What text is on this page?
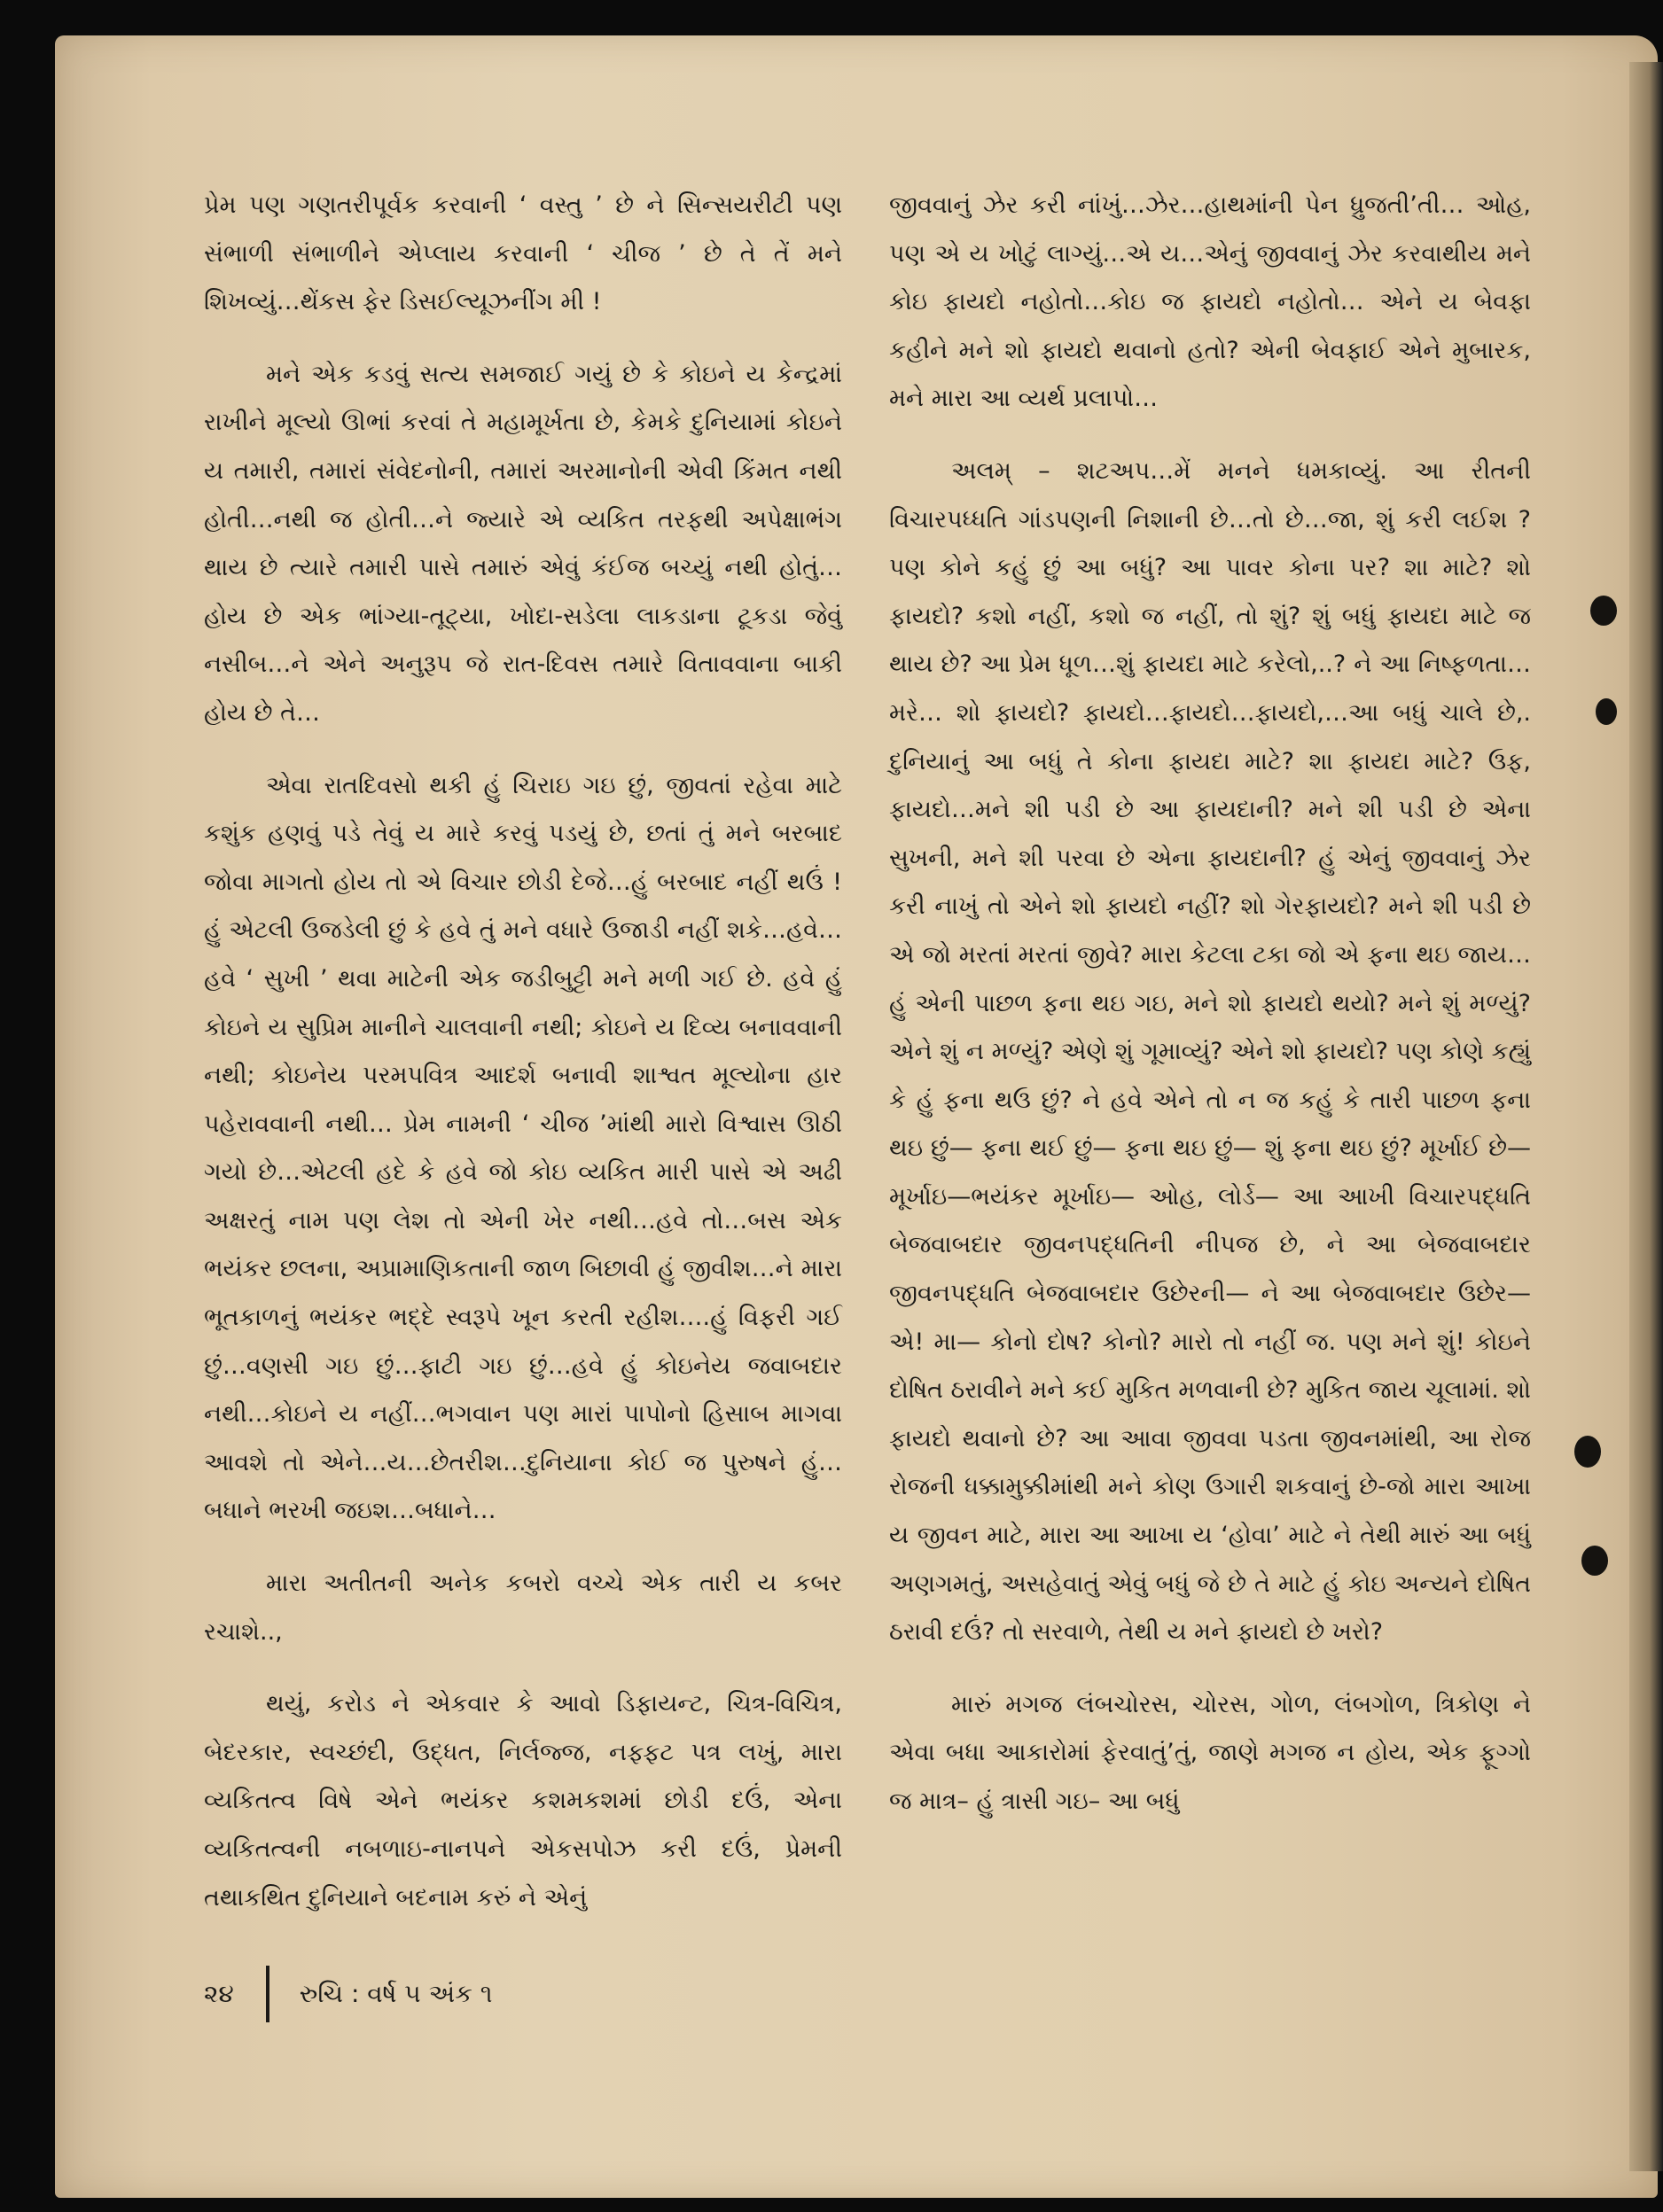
પ્રેમ પણ ગણતરીપૂર્વક કરવાની ‘ વસ્તુ ’ છે ને સિન્સયરીટી પણ સંભાળી સંભાળીને એપ્લાય કરવાની ‘ ચીજ ’ છે તે તેં મને શિખવ્યું…થેંકસ ફેર ડિસઈલ્યૂઝનીંગ મી !

મને એક કડવું સત્ય સમજાઈ ગયું છે કે કોઇને ય કેન્દ્રમાં રાખીને મૂલ્યો ઊભાં કરવાં તે મહામૂર્ખતા છે, કેમકે દુનિયામાં કોઇને ય તમારી, તમારાં સંવેદનોની, તમારાં અરમાનોની એવી કિંમત નથી હોતી…નથી જ હોતી…ને જ્યારે એ વ્યકિત તરફથી અપેક્ષાભંગ થાય છે ત્યારે તમારી પાસે તમારું એવું કંઈજ બચ્યું નથી હોતું…હોય છે એક ભાંગ્યા-તૂટ્યા, ખોદા-સડેલા લાકડાના ટૂકડા જેવું નસીબ…ને એને અનુરૂપ જે રાત-દિવસ તમારે વિતાવવાના બાકી હોય છે તે…

એવા રાતદિવસો થકી હું ચિરાઇ ગઇ છું, જીવતાં રહેવા માટે કશુંક હણવું પડે તેવું ય મારે કરવું પડયું છે, છતાં તું મને બરબાદ જોવા માગતો હોય તો એ વિચાર છોડી દેજે…હું બરબાદ નહીં થઉં ! હું એટલી ઉજડેલી છું કે હવે તું મને વધારે ઉજાડી નહીં શકે…હવે…હવે ‘ સુખી ’ થવા માટેની એક જડીબુટ્ટી મને મળી ગઈ છે. હવે હું કોઇને ય સુપ્રિમ માનીને ચાલવાની નથી; કોઇને ય દિવ્ય બનાવવાની નથી; કોઇનેય પરમપવિત્ર આદર્શ બનાવી શાશ્વત મૂલ્યોના હાર પહેરાવવાની નથી… પ્રેમ નામની ‘ ચીજ ’માંથી મારો વિશ્વાસ ઊઠી ગયો છે…એટલી હદે કે હવે જો કોઇ વ્યકિત મારી પાસે એ અઢી અક્ષરતું નામ પણ લેશ તો એની ખેર નથી…હવે તો…બસ એક ભયંકર છલના, અપ્રામાણિકતાની જાળ બિછાવી હું જીવીશ…ને મારા ભૂતકાળનું ભયંકર ભદ્દે સ્વરૂપે ખૂન કરતી રહીશ….હું વિફરી ગઈ છું…વણસી ગઇ છું…ફાટી ગઇ છું…હવે હું કોઇનેય જવાબદાર નથી…કોઇને ય નહીં…ભગવાન પણ મારાં પાપોનો હિસાબ માગવા આવશે તો એને…ય…છેતરીશ…દુનિયાના કોઈ જ પુરુષને હું…બધાને ભરખી જઇશ…બધાને…

મારા અતીતની અનેક કબરો વચ્ચે એક તારી ય કબર રચાશે..,

થયું, કરોડ ને એકવાર કે આવો ડિફાયન્ટ, ચિત્ર-વિચિત્ર, બેદરકાર, સ્વચ્છંદી, ઉદ્ધત, નિર્લજ્જ, નફ્ફટ પત્ર લખું, મારા વ્યકિતત્વ વિષે એને ભયંકર કશમકશમાં છોડી દઉં, એના વ્યકિતત્વની નબળાઇ-નાનપને એકસપોઝ કરી દઉં, પ્રેમની તથાકથિત દુનિયાને બદનામ કરું ને એનું

જીવવાનું ઝેર કરી નાંખું…ઝેર…હાથમાંની પેન ધ્રુજતી’તી… ઓહ, પણ એ ય ખોટું લાગ્યું…એ ય…એનું જીવવાનું ઝેર કરવાથીય મને કોઇ ફાયદો નહોતો…કોઇ જ ફાયદો નહોતો… એને ય બેવફા કહીને મને શો ફાયદો થવાનો હતો? એની બેવફાઈ એને મુબારક, મને મારા આ વ્યર્થ પ્રલાપો…

અલમ્ – શટઅપ…મેં મનને ધમકાવ્યું. આ રીતની વિચારપધ્ધતિ ગાંડપણની નિશાની છે…તો છે…જા, શું કરી લઈશ ? પણ કોને કહું છું આ બધું? આ પાવર કોના પર? શા માટે? શો ફાયદો? કશો નહીં, કશો જ નહીં, તો શું? શું બધું ફાયદા માટે જ થાય છે? આ પ્રેમ ધૂળ…શું ફાયદા માટે કરેલો,..? ને આ નિષ્ફળતા…મરે… શો ફાયદો? ફાયદો…ફાયદો…ફાયદો,…આ બધું ચાલે છે,. દુનિયાનું આ બધું તે કોના ફાયદા માટે? શા ફાયદા માટે? ઉફ, ફાયદો…મને શી પડી છે આ ફાયદાની? મને શી પડી છે એના સુખની, મને શી પરવા છે એના ફાયદાની? હું એનું જીવવાનું ઝેર કરી નાખું તો એને શો ફાયદો નહીં? શો ગેરફાયદો? મને શી પડી છે એ જો મરતાં મરતાં જીવે? મારા કેટલા ટકા જો એ ફના થઇ જાય…હું એની પાછળ ફના થઇ ગઇ, મને શો ફાયદો થયો? મને શું મળ્યું? એને શું ન મળ્યું? એણે શું ગૂમાવ્યું? એને શો ફાયદો? પણ કોણે કહ્યું કે હું ફના થઉ છું? ને હવે એને તો ન જ કહું કે તારી પાછળ ફના થઇ છું— ફના થઈ છું— ફના થઇ છું— શું ફના થઇ છું? મૂર્ખાઈ છે—મૂર્ખાઇ—ભયંકર મૂર્ખાઇ— ઓહ, લોર્ડ— આ આખી વિચારપદ્ધતિ બેજવાબદાર જીવનપદ્ધતિની નીપજ છે, ને આ બેજવાબદાર જીવનપદ્ધતિ બેજવાબદાર ઉછેરની— ને આ બેજવાબદાર ઉછેર— એ! મા— કોનો દોષ? કોનો? મારો તો નહીં જ. પણ મને શું! કોઇને દોષિત ઠરાવીને મને કઈ મુકિત મળવાની છે? મુકિત જાય ચૂલામાં. શો ફાયદો થવાનો છે? આ આવા જીવવા પડતા જીવનમાંથી, આ રોજ રોજની ધક્કામુક્કીમાંથી મને કોણ ઉગારી શકવાનું છે-જો મારા આખા ય જીવન માટે, મારા આ આખા ય ‘હોવા’ માટે ને તેથી મારું આ બધું અણગમતું, અસહેવાતું એવું બધું જે છે તે માટે હું કોઇ અન્યને દોષિત ઠરાવી દઉં? તો સરવાળે, તેથી ય મને ફાયદો છે ખરો?

મારું મગજ લંબચોરસ, ચોરસ, ગોળ, લંબગોળ, ત્રિકોણ ને એવા બધા આકારોમાં ફેરવાતું’તું, જાણે મગજ ન હોય, એક ફૂગ્ગો જ માત્ર– હું ત્રાસી ગઇ– આ બધું

૨૪	રુચિ : વર્ષ ૫ અંક ૧
